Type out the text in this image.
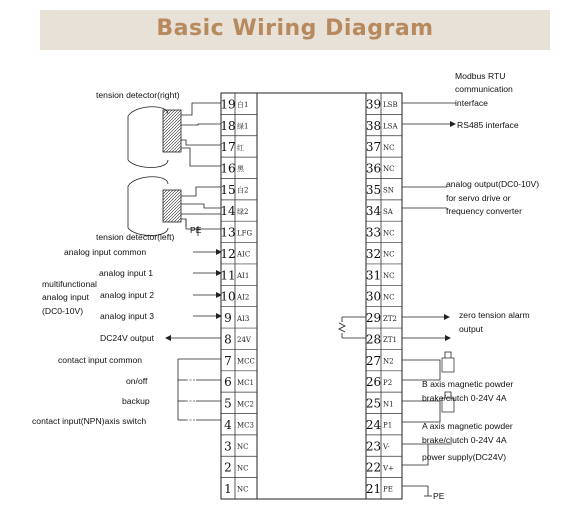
Basic Wiring Diagram
19 白1
18 绿1
17 红
16 黑
15 白2
14 绿2
13 LFG
12 AIC
11 AI1
10 AI2
9 AI3
8 24V
7 MCC
6 MC1
5 MC2
4 MC3
3 NC
2 NC
1 NC
39 LSB
38 LSA
37 NC
36 NC
35 SN
34 SA
33 NC
32 NC
31 NC
30 NC
29 ZT2
28 ZT1
27 N2
26 P2
25 N1
24 P1
23 V-
22 V+
21 PE
tension detector(right)
tension detector(left)
PE
analog input common
analog input 1
multifunctional
analog input
(DC0-10V)
analog input 2
analog input 3
DC24V output
contact input common
on/off
backup
contact input(NPN)axis switch
Modbus RTU
communication
interface
RS485 interface
analog output(DC0-10V)
for servo drive or
frequency converter
zero tension alarm
output
B axis magnetic powder
brake/clutch 0-24V 4A
A axis magnetic powder
brake/clutch 0-24V 4A
power supply(DC24V)
PE
